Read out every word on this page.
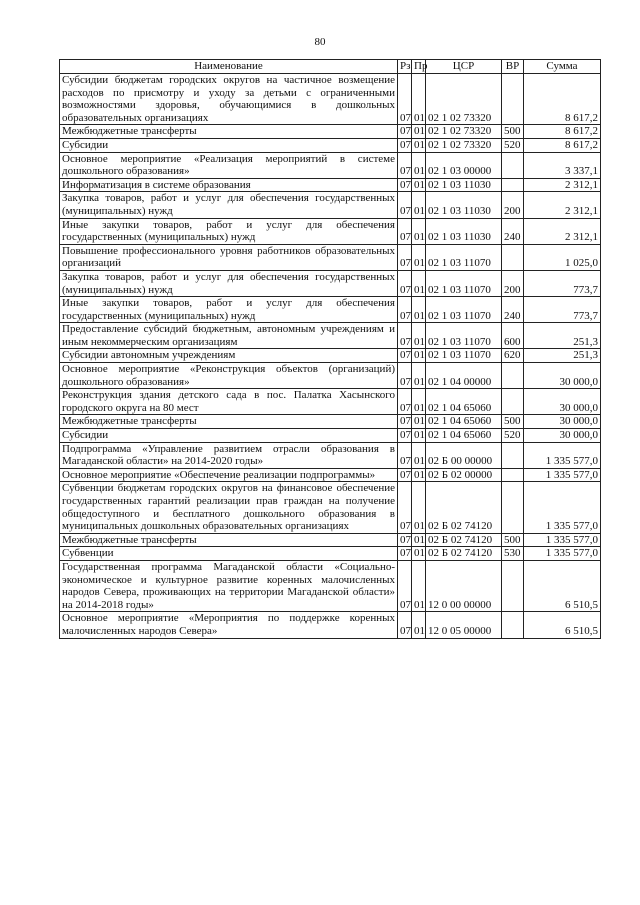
80
Наименование	Рз	Пр	ЦСР	ВР	Сумма
Субсидии бюджетам городских округов на частичное возмещение расходов по присмотру и уходу за детьми с ограниченными возможностями здоровья, обучающимися в дошкольных образовательных организациях	07	01	02 1 02 73320		8 617,2
Межбюджетные трансферты	07	01	02 1 02 73320	500	8 617,2
Субсидии	07	01	02 1 02 73320	520	8 617,2
Основное мероприятие «Реализация мероприятий в системе дошкольного образования»	07	01	02 1 03 00000		3 337,1
Информатизация в системе образования	07	01	02 1 03 11030		2 312,1
Закупка товаров, работ и услуг для обеспечения государственных (муниципальных) нужд	07	01	02 1 03 11030	200	2 312,1
Иные закупки товаров, работ и услуг для обеспечения государственных (муниципальных) нужд	07	01	02 1 03 11030	240	2 312,1
Повышение профессионального уровня работников образовательных организаций	07	01	02 1 03 11070		1 025,0
Закупка товаров, работ и услуг для обеспечения государственных (муниципальных) нужд	07	01	02 1 03 11070	200	773,7
Иные закупки товаров, работ и услуг для обеспечения государственных (муниципальных) нужд	07	01	02 1 03 11070	240	773,7
Предоставление субсидий бюджетным, автономным учреждениям и иным некоммерческим организациям	07	01	02 1 03 11070	600	251,3
Субсидии автономным учреждениям	07	01	02 1 03 11070	620	251,3
Основное мероприятие «Реконструкция объектов (организаций) дошкольного образования»	07	01	02 1 04 00000		30 000,0
Реконструкция здания детского сада в пос. Палатка Хасынского городского округа на 80 мест	07	01	02 1 04 65060		30 000,0
Межбюджетные трансферты	07	01	02 1 04 65060	500	30 000,0
Субсидии	07	01	02 1 04 65060	520	30 000,0
Подпрограмма «Управление развитием отрасли образования в Магаданской области» на 2014-2020 годы»	07	01	02 Б 00 00000		1 335 577,0
Основное мероприятие «Обеспечение реализации подпрограммы»	07	01	02 Б 02 00000		1 335 577,0
Субвенции бюджетам городских округов на финансовое обеспечение государственных гарантий реализации прав граждан на получение общедоступного и бесплатного дошкольного образования в муниципальных дошкольных образовательных организациях	07	01	02 Б 02 74120		1 335 577,0
Межбюджетные трансферты	07	01	02 Б 02 74120	500	1 335 577,0
Субвенции	07	01	02 Б 02 74120	530	1 335 577,0
Государственная программа Магаданской области «Социально-экономическое и культурное развитие коренных малочисленных народов Севера, проживающих на территории Магаданской области» на 2014-2018 годы»	07	01	12 0 00 00000		6 510,5
Основное мероприятие «Мероприятия по поддержке коренных малочисленных народов Севера»	07	01	12 0 05 00000		6 510,5
